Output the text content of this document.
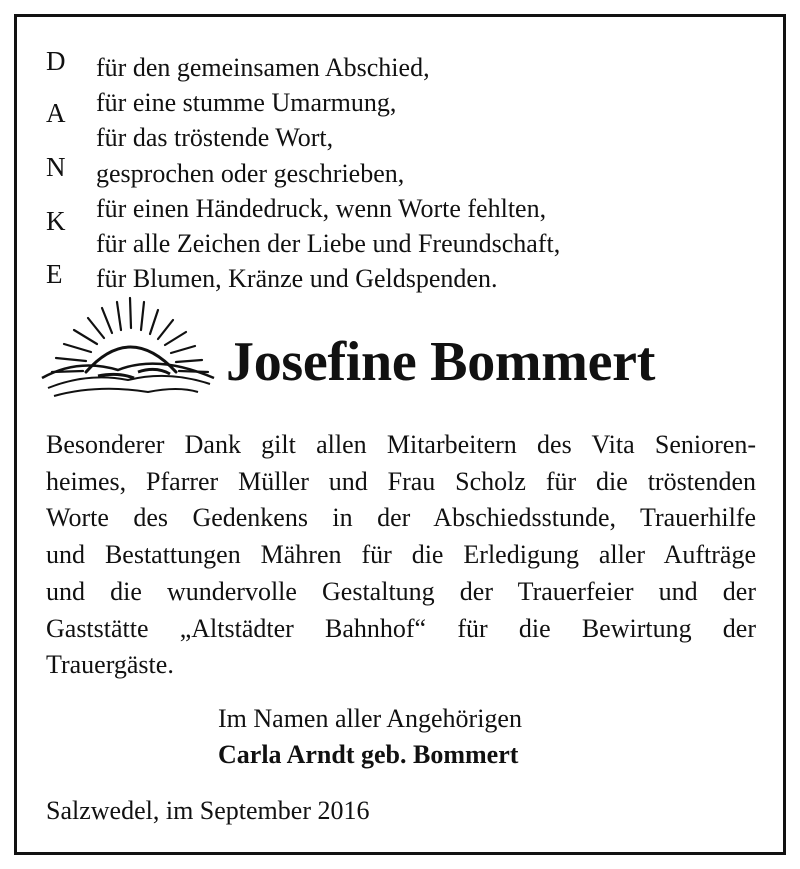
D
A
N
K
E
für den gemeinsamen Abschied,
für eine stumme Umarmung,
für das tröstende Wort,
gesprochen oder geschrieben,
für einen Händedruck, wenn Worte fehlten,
für alle Zeichen der Liebe und Freundschaft,
für Blumen, Kränze und Geldspenden.
Josefine Bommert
Besonderer Dank gilt allen Mitarbeitern des Vita Senioren-
heimes, Pfarrer Müller und Frau Scholz für die tröstenden
Worte des Gedenkens in der Abschiedsstunde, Trauerhilfe
und Bestattungen Mähren für die Erledigung aller Aufträge
und die wundervolle Gestaltung der Trauerfeier und der
Gaststätte „Altstädter Bahnhof“ für die Bewirtung der
Trauergäste.
Im Namen aller Angehörigen
Carla Arndt geb. Bommert
Salzwedel, im September 2016
